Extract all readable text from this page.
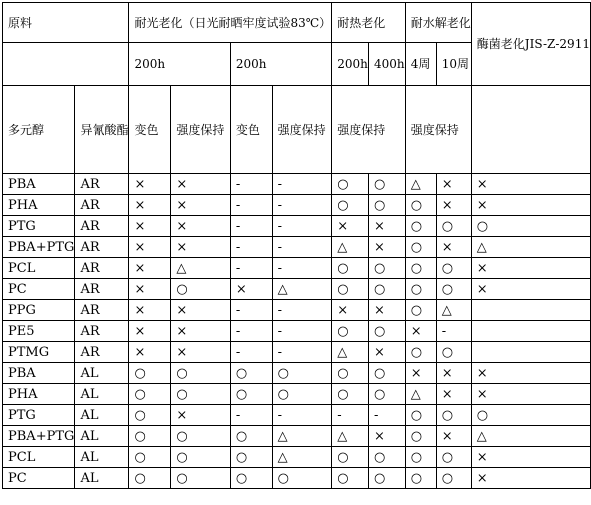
原料		耐光老化（日光耐晒牢度试验83℃）				耐热老化		耐水解老化		酶菌老化JIS-Z-2911
		200h		200h		200h	400h	4周	10周	
多元醇	异氰酸酯	变色	强度保持	变色	强度保持	强度保持		强度保持		
PBA	AR	×	×	-	-	○	○	△	×	×
PHA	AR	×	×	-	-	○	○	○	×	×
PTG	AR	×	×	-	-	×	×	○	○	○
PBA+PTG	AR	×	×	-	-	△	×	○	×	△
PCL	AR	×	△	-	-	○	○	○	○	×
PC	AR	×	○	×	△	○	○	○	○	×
PPG	AR	×	×	-	-	×	×	○	△	
PE5	AR	×	×	-	-	○	○	×	-	
PTMG	AR	×	×	-	-	△	×	○	○	
PBA	AL	○	○	○	○	○	○	×	×	×
PHA	AL	○	○	○	○	○	○	△	×	×
PTG	AL	○	×	-	-	-	-	○	○	○
PBA+PTG	AL	○	○	○	△	△	×	○	×	△
PCL	AL	○	○	○	△	○	○	○	○	×
PC	AL	○	○	○	○	○	○	○	○	×
